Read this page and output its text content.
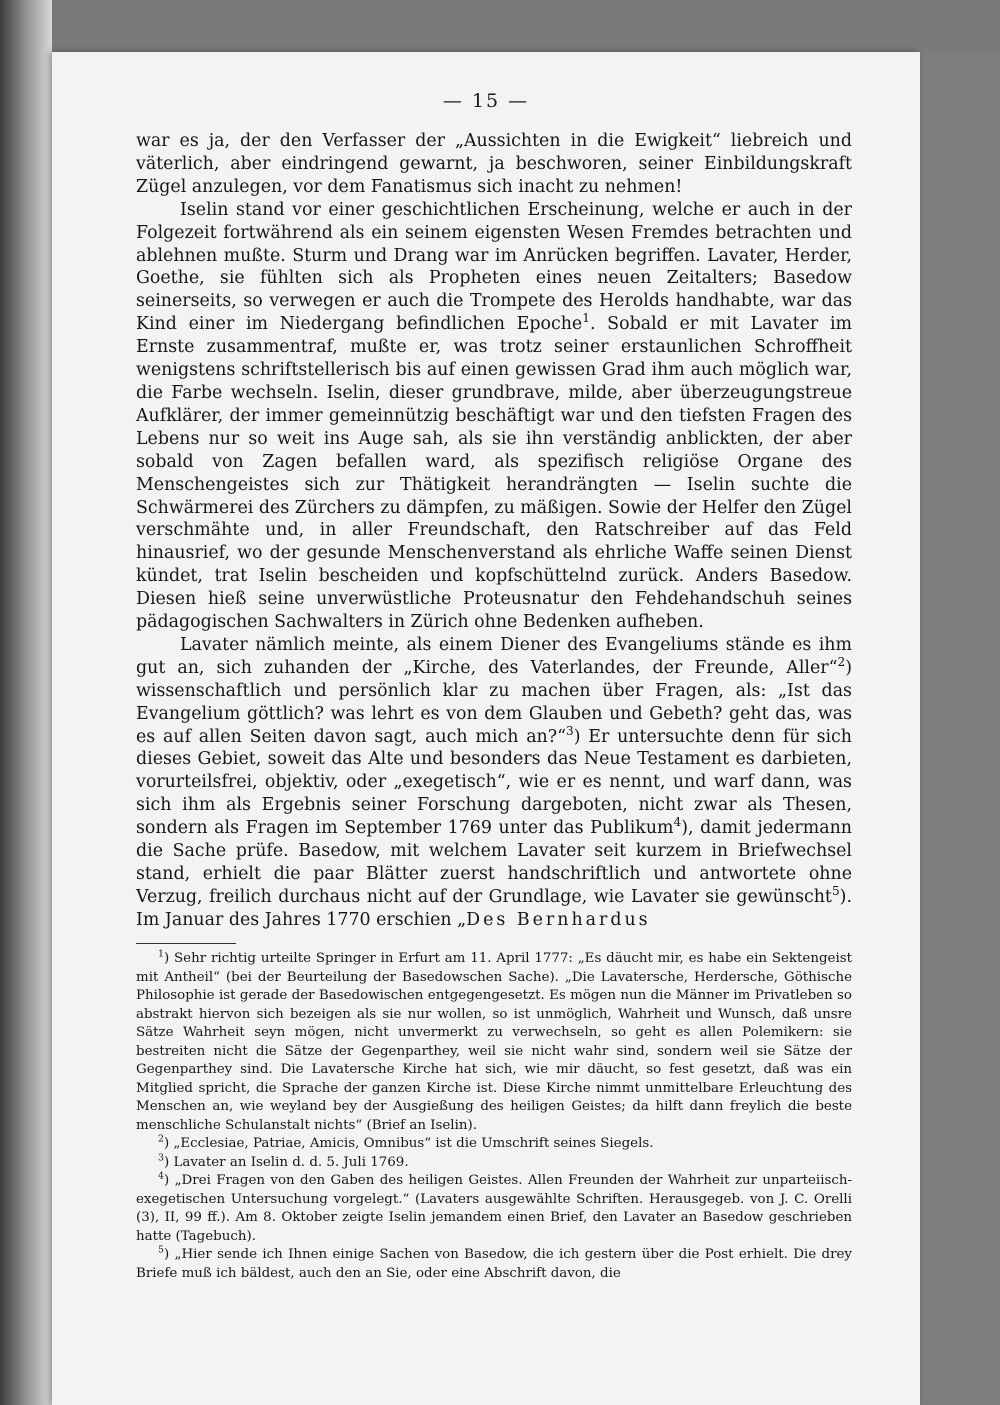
— 15 —

war es ja, der den Verfasser der „Aussichten in die Ewigkeit“ liebreich und väterlich, aber eindringend gewarnt, ja beschworen, seiner Einbildungskraft Zügel anzulegen, vor dem Fanatismus sich inacht zu nehmen!

Iselin stand vor einer geschichtlichen Erscheinung, welche er auch in der Folgezeit fortwährend als ein seinem eigensten Wesen Fremdes betrachten und ablehnen mußte. Sturm und Drang war im Anrücken begriffen. Lavater, Herder, Goethe, sie fühlten sich als Propheten eines neuen Zeitalters; Basedow seinerseits, so verwegen er auch die Trompete des Herolds handhabte, war das Kind einer im Niedergang befindlichen Epoche$^1$. Sobald er mit Lavater im Ernste zusammentraf, mußte er, was trotz seiner erstaunlichen Schroffheit wenigstens schriftstellerisch bis auf einen gewissen Grad ihm auch möglich war, die Farbe wechseln. Iselin, dieser grundbrave, milde, aber überzeugungstreue Aufklärer, der immer gemeinnützig beschäftigt war und den tiefsten Fragen des Lebens nur so weit ins Auge sah, als sie ihn verständig anblickten, der aber sobald von Zagen befallen ward, als spezifisch religiöse Organe des Menschengeistes sich zur Thätigkeit herandrängten — Iselin suchte die Schwärmerei des Zürchers zu dämpfen, zu mäßigen. Sowie der Helfer den Zügel verschmähte und, in aller Freundschaft, den Ratschreiber auf das Feld hinausrief, wo der gesunde Menschenverstand als ehrliche Waffe seinen Dienst kündet, trat Iselin bescheiden und kopfschüttelnd zurück. Anders Basedow. Diesen hieß seine unverwüstliche Proteusnatur den Fehdehandschuh seines pädagogischen Sachwalters in Zürich ohne Bedenken aufheben.

Lavater nämlich meinte, als einem Diener des Evangeliums stände es ihm gut an, sich zuhanden der „Kirche, des Vaterlandes, der Freunde, Aller“$^2$) wissenschaftlich und persönlich klar zu machen über Fragen, als: „Ist das Evangelium göttlich? was lehrt es von dem Glauben und Gebeth? geht das, was es auf allen Seiten davon sagt, auch mich an?“$^3$) Er untersuchte denn für sich dieses Gebiet, soweit das Alte und besonders das Neue Testament es darbieten, vorurteilsfrei, objektiv, oder „exegetisch“, wie er es nennt, und warf dann, was sich ihm als Ergebnis seiner Forschung dargeboten, nicht zwar als Thesen, sondern als Fragen im September 1769 unter das Publikum$^4$), damit jedermann die Sache prüfe. Basedow, mit welchem Lavater seit kurzem in Briefwechsel stand, erhielt die paar Blätter zuerst handschriftlich und antwortete ohne Verzug, freilich durchaus nicht auf der Grundlage, wie Lavater sie gewünscht$^5$). Im Januar des Jahres 1770 erschien „Des Bernhardus

$^1$) Sehr richtig urteilte Springer in Erfurt am 11. April 1777: „Es däucht mir, es habe ein Sektengeist mit Antheil“ (bei der Beurteilung der Basedowschen Sache). „Die Lavatersche, Herdersche, Göthische Philosophie ist gerade der Basedowischen entgegengesetzt. Es mögen nun die Männer im Privatleben so abstrakt hiervon sich bezeigen als sie nur wollen, so ist unmöglich, Wahrheit und Wunsch, daß unsre Sätze Wahrheit seyn mögen, nicht unvermerkt zu verwechseln, so geht es allen Polemikern: sie bestreiten nicht die Sätze der Gegenparthey, weil sie nicht wahr sind, sondern weil sie Sätze der Gegenparthey sind. Die Lavatersche Kirche hat sich, wie mir däucht, so fest gesetzt, daß was ein Mitglied spricht, die Sprache der ganzen Kirche ist. Diese Kirche nimmt unmittelbare Erleuchtung des Menschen an, wie weyland bey der Ausgießung des heiligen Geistes; da hilft dann freylich die beste menschliche Schulanstalt nichts“ (Brief an Iselin).

$^2$) „Ecclesiae, Patriae, Amicis, Omnibus“ ist die Umschrift seines Siegels.

$^3$) Lavater an Iselin d. d. 5. Juli 1769.

$^4$) „Drei Fragen von den Gaben des heiligen Geistes. Allen Freunden der Wahrheit zur unparteiisch-exegetischen Untersuchung vorgelegt.“ (Lavaters ausgewählte Schriften. Herausgegeb. von J. C. Orelli (3), II, 99 ff.). Am 8. Oktober zeigte Iselin jemandem einen Brief, den Lavater an Basedow geschrieben hatte (Tagebuch).

$^5$) „Hier sende ich Ihnen einige Sachen von Basedow, die ich gestern über die Post erhielt. Die drey Briefe muß ich bäldest, auch den an Sie, oder eine Abschrift davon, die
